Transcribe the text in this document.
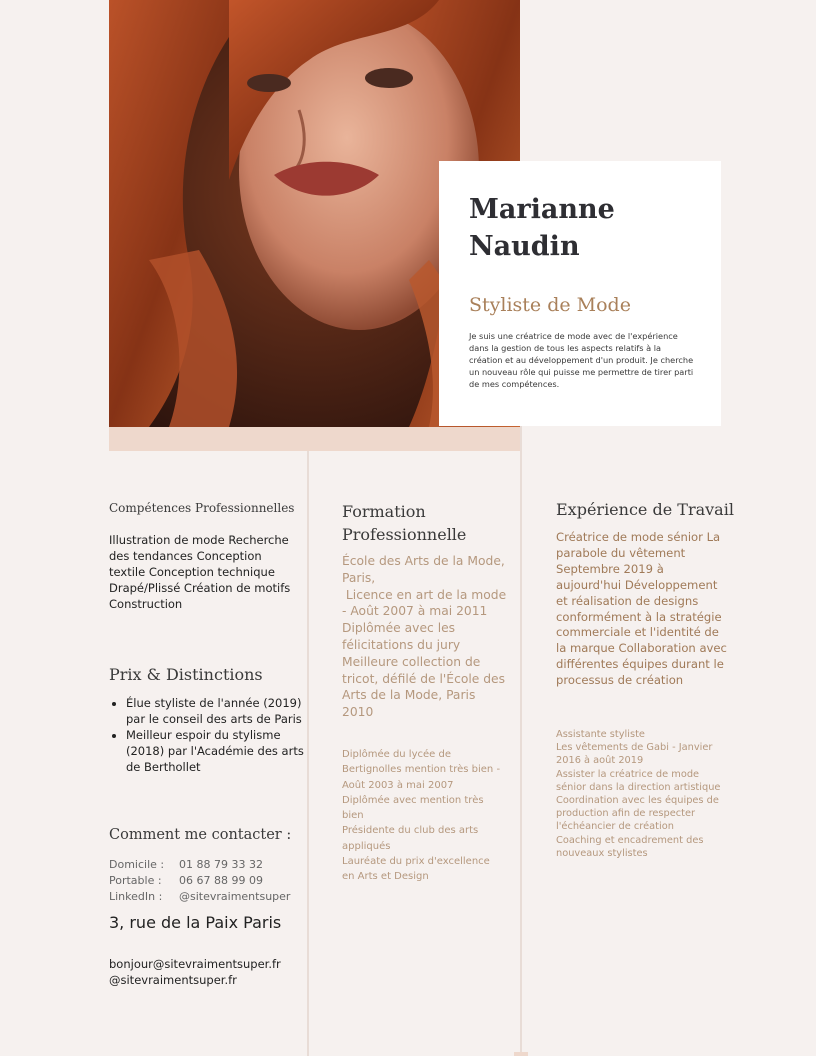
Marianne Naudin
Styliste de Mode
Je suis une créatrice de mode avec de l'expérience dans la gestion de tous les aspects relatifs à la création et au développement d'un produit. Je cherche un nouveau rôle qui puisse me permettre de tirer parti de mes compétences.
Compétences Professionnelles
Illustration de mode Recherche des tendances Conception textile Conception technique Drapé/Plissé Création de motifs Construction
Prix & Distinctions
• Élue styliste de l'année (2019) par le conseil des arts de Paris
• Meilleur espoir du stylisme (2018) par l'Académie des arts de Berthollet
Comment me contacter :
Domicile :	01 88 79 33 32
Portable :	06 67 88 99 09
LinkedIn :	@sitevraimentsuper
3, rue de la Paix Paris
bonjour@sitevraimentsuper.fr
@sitevraimentsuper.fr
Formation Professionnelle
École des Arts de la Mode, Paris,
Licence en art de la mode - Août 2007 à mai 2011 Diplômée avec les félicitations du jury Meilleure collection de tricot, défilé de l'École des Arts de la Mode, Paris 2010
Diplômée du lycée de Bertignolles mention très bien - Août 2003 à mai 2007 Diplômée avec mention très bien
Présidente du club des arts appliqués
Lauréate du prix d'excellence en Arts et Design
Expérience de Travail
Créatrice de mode sénior La parabole du vêtement Septembre 2019 à aujourd'hui Développement et réalisation de designs conformément à la stratégie commerciale et l'identité de la marque Collaboration avec différentes équipes durant le processus de création
Assistante styliste
Les vêtements de Gabi - Janvier 2016 à août 2019
Assister la créatrice de mode sénior dans la direction artistique Coordination avec les équipes de production afin de respecter l'échéancier de création
Coaching et encadrement des nouveaux stylistes
